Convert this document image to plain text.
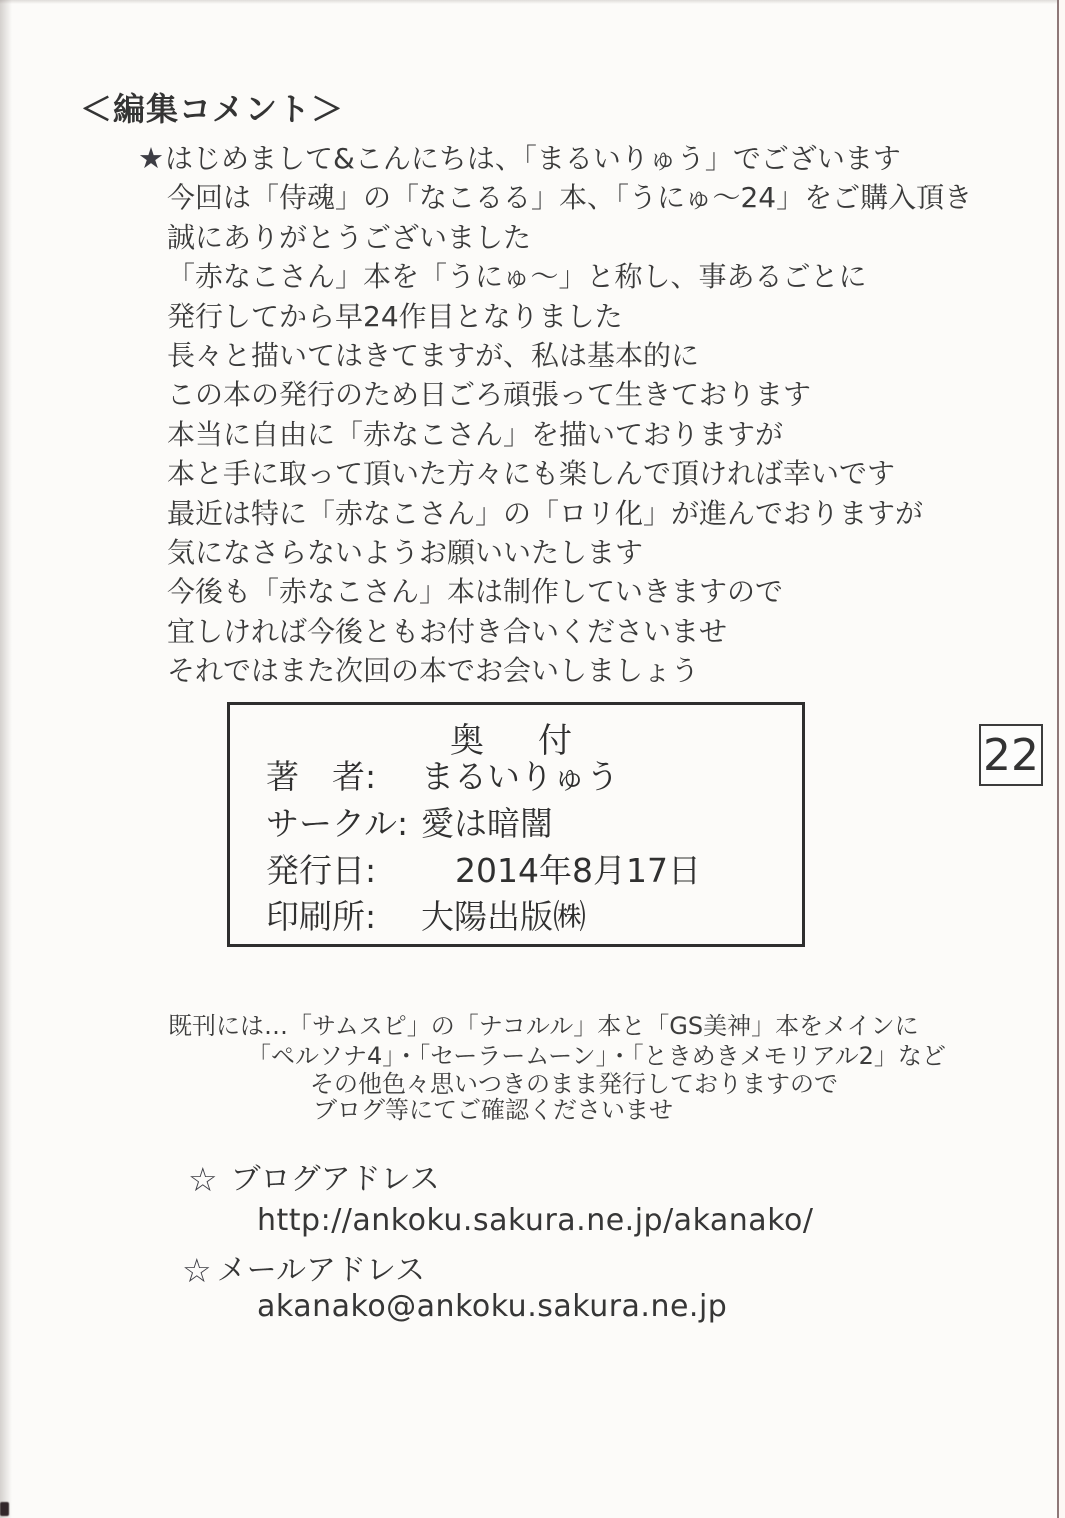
＜編集コメント＞
★はじめまして&こんにちは、「まるいりゅう」でございます
今回は「侍魂」の「なこるる」本、「うにゅ〜24」をご購入頂き
誠にありがとうございました
「赤なこさん」本を「うにゅ〜」と称し、事あるごとに
発行してから早24作目となりました
長々と描いてはきてますが、私は基本的に
この本の発行のため日ごろ頑張って生きております
本当に自由に「赤なこさん」を描いておりますが
本と手に取って頂いた方々にも楽しんで頂ければ幸いです
最近は特に「赤なこさん」の「ロリ化」が進んでおりますが
気になさらないようお願いいたします
今後も「赤なこさん」本は制作していきますので
宜しければ今後ともお付き合いくださいませ
それではまた次回の本でお会いしましょう
奥　付
著　者: まるいりゅう
サークル: 愛は暗闇
発行日: 2014年8月17日
印刷所: 大陽出版㈱
22
既刊には…「サムスピ」の「ナコルル」本と「GS美神」本をメインに
「ペルソナ4」・「セーラームーン」・「ときめきメモリアル2」など
その他色々思いつきのまま発行しておりますので
ブログ等にてご確認くださいませ
☆ ブログアドレス
http://ankoku.sakura.ne.jp/akanako/
☆ メールアドレス
akanako@ankoku.sakura.ne.jp
